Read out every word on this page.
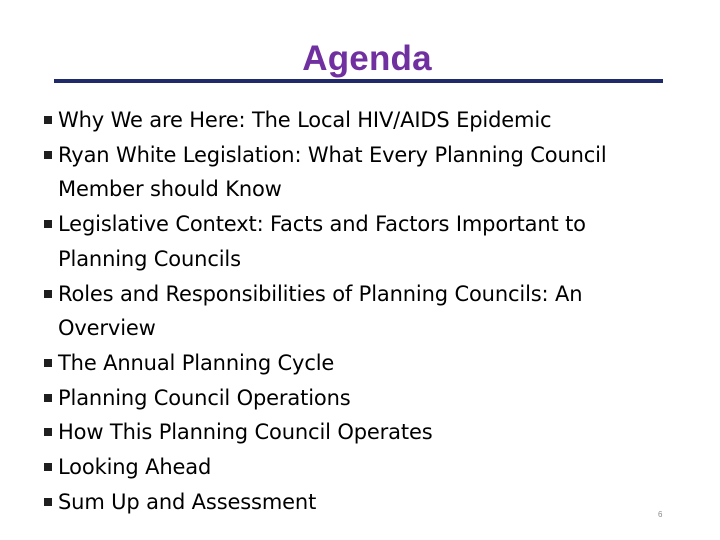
Agenda
Why We are Here: The Local HIV/AIDS Epidemic
Ryan White Legislation: What Every Planning Council
Member should Know
Legislative Context: Facts and Factors Important to
Planning Councils
Roles and Responsibilities of Planning Councils: An
Overview
The Annual Planning Cycle
Planning Council Operations
How This Planning Council Operates
Looking Ahead
Sum Up and Assessment
6
